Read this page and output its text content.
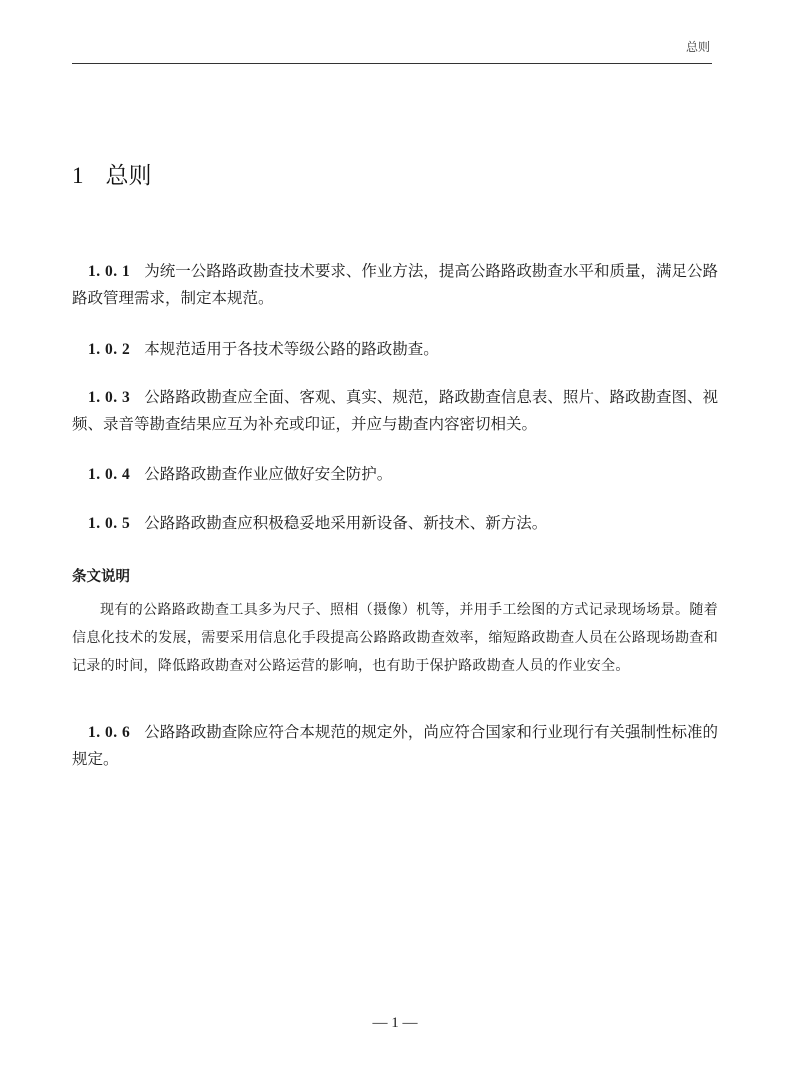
总则
1 总则
1. 0. 1 为统一公路路政勘查技术要求、作业方法，提高公路路政勘查水平和质量，满足公路路政管理需求，制定本规范。
1. 0. 2 本规范适用于各技术等级公路的路政勘查。
1. 0. 3 公路路政勘查应全面、客观、真实、规范，路政勘查信息表、照片、路政勘查图、视频、录音等勘查结果应互为补充或印证，并应与勘查内容密切相关。
1. 0. 4 公路路政勘查作业应做好安全防护。
1. 0. 5 公路路政勘查应积极稳妥地采用新设备、新技术、新方法。
条文说明
现有的公路路政勘查工具多为尺子、照相（摄像）机等，并用手工绘图的方式记录现场场景。随着信息化技术的发展，需要采用信息化手段提高公路路政勘查效率，缩短路政勘查人员在公路现场勘查和记录的时间，降低路政勘查对公路运营的影响，也有助于保护路政勘查人员的作业安全。
1. 0. 6 公路路政勘查除应符合本规范的规定外，尚应符合国家和行业现行有关强制性标准的规定。
— 1 —
